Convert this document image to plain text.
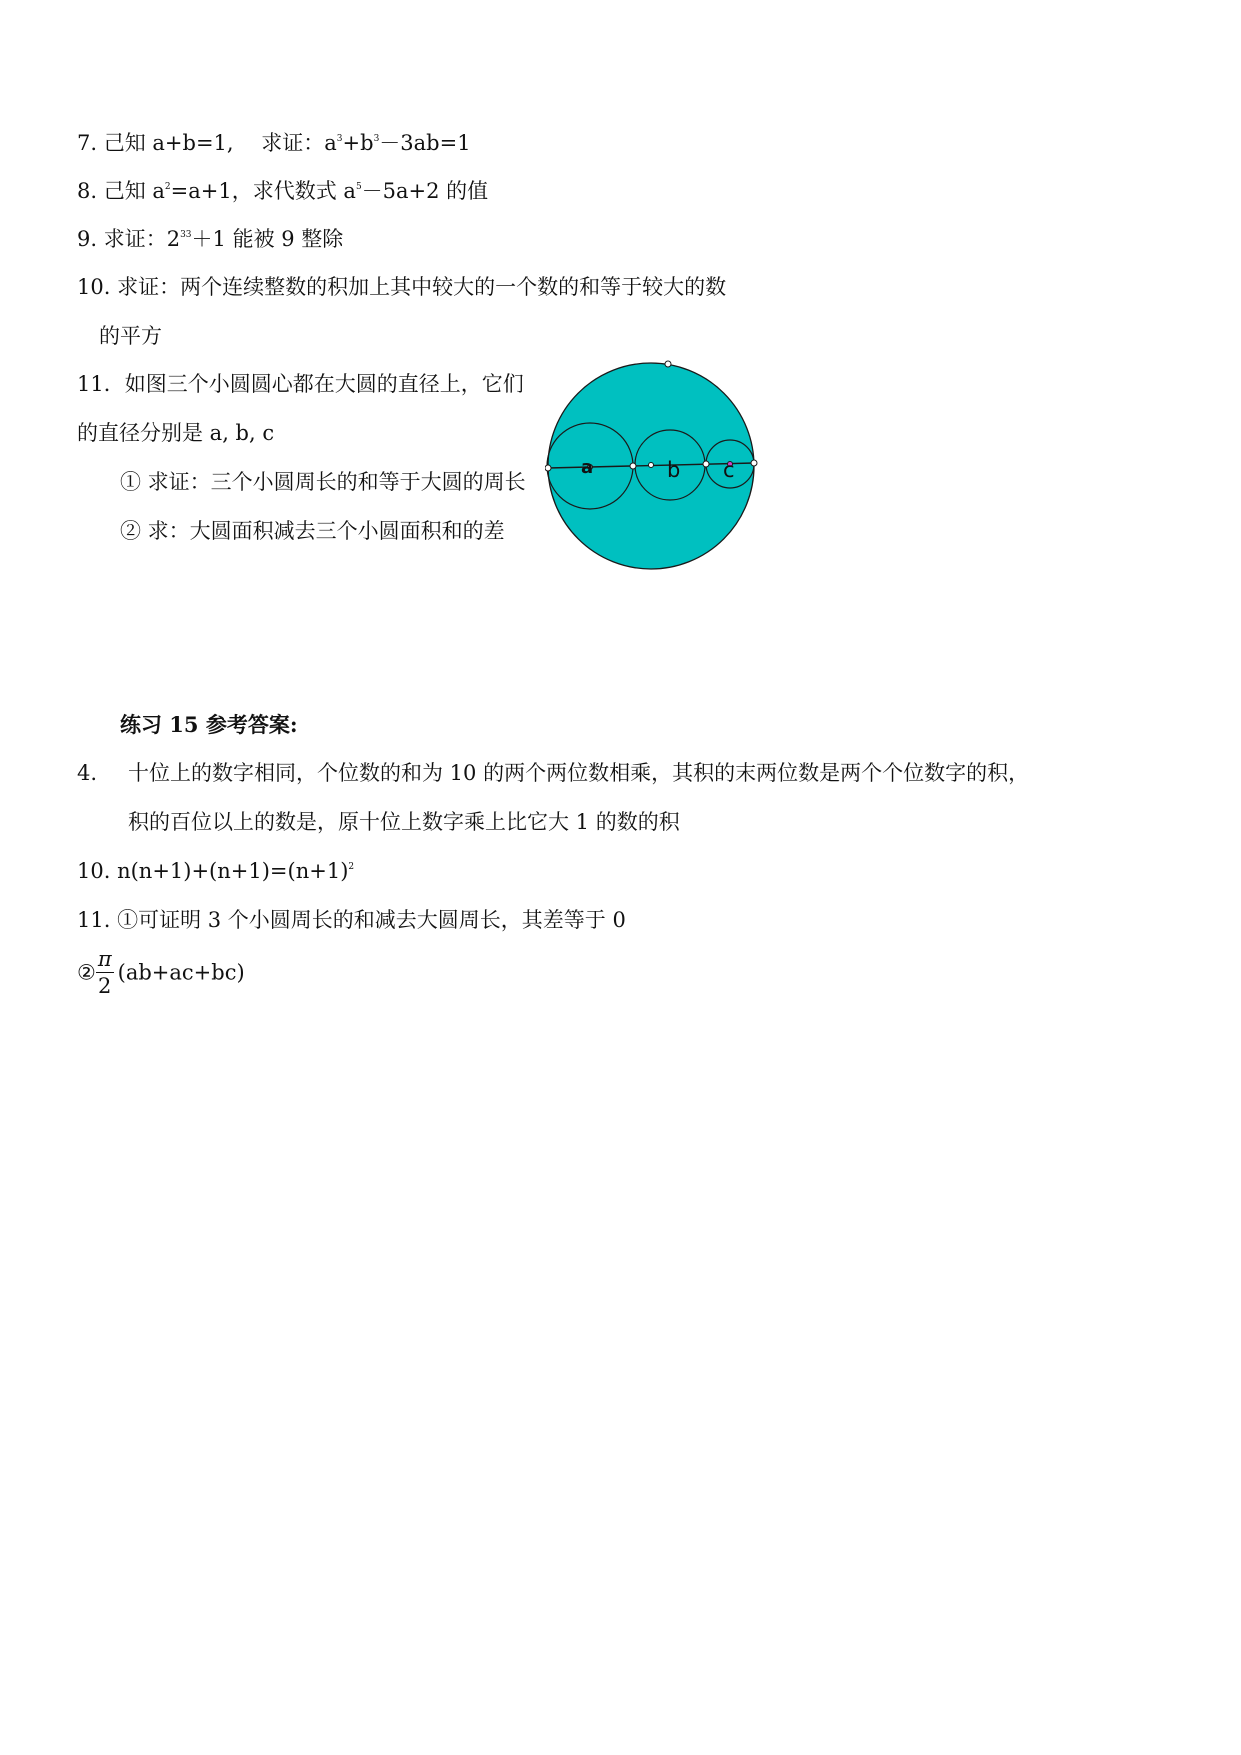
7. 己知 a+b=1,　 求证：$a^3+b^3-3ab=1$
8. 己知 $a^2=a+1$，求代数式 $a^5-5a+2$ 的值
9. 求证：$2^{33}+1$ 能被 9 整除
10. 求证：两个连续整数的积加上其中较大的一个数的和等于较大的数
的平方
11．如图三个小圆圆心都在大圆的直径上，它们
的直径分别是 a, b, c
① 求证：三个小圆周长的和等于大圆的周长
② 求：大圆面积减去三个小圆面积和的差
a	b c
练习 15 参考答案:
4. 十位上的数字相同，个位数的和为 10 的两个两位数相乘，其积的末两位数是两个个位数字的积，
积的百位以上的数是，原十位上数字乘上比它大 1 的数的积
10. $n(n+1)+(n+1)=(n+1)^2$
11. ①可证明 3 个小圆周长的和减去大圆周长，其差等于 0
② $\frac{\pi}{2} (ab+ac+bc)$
